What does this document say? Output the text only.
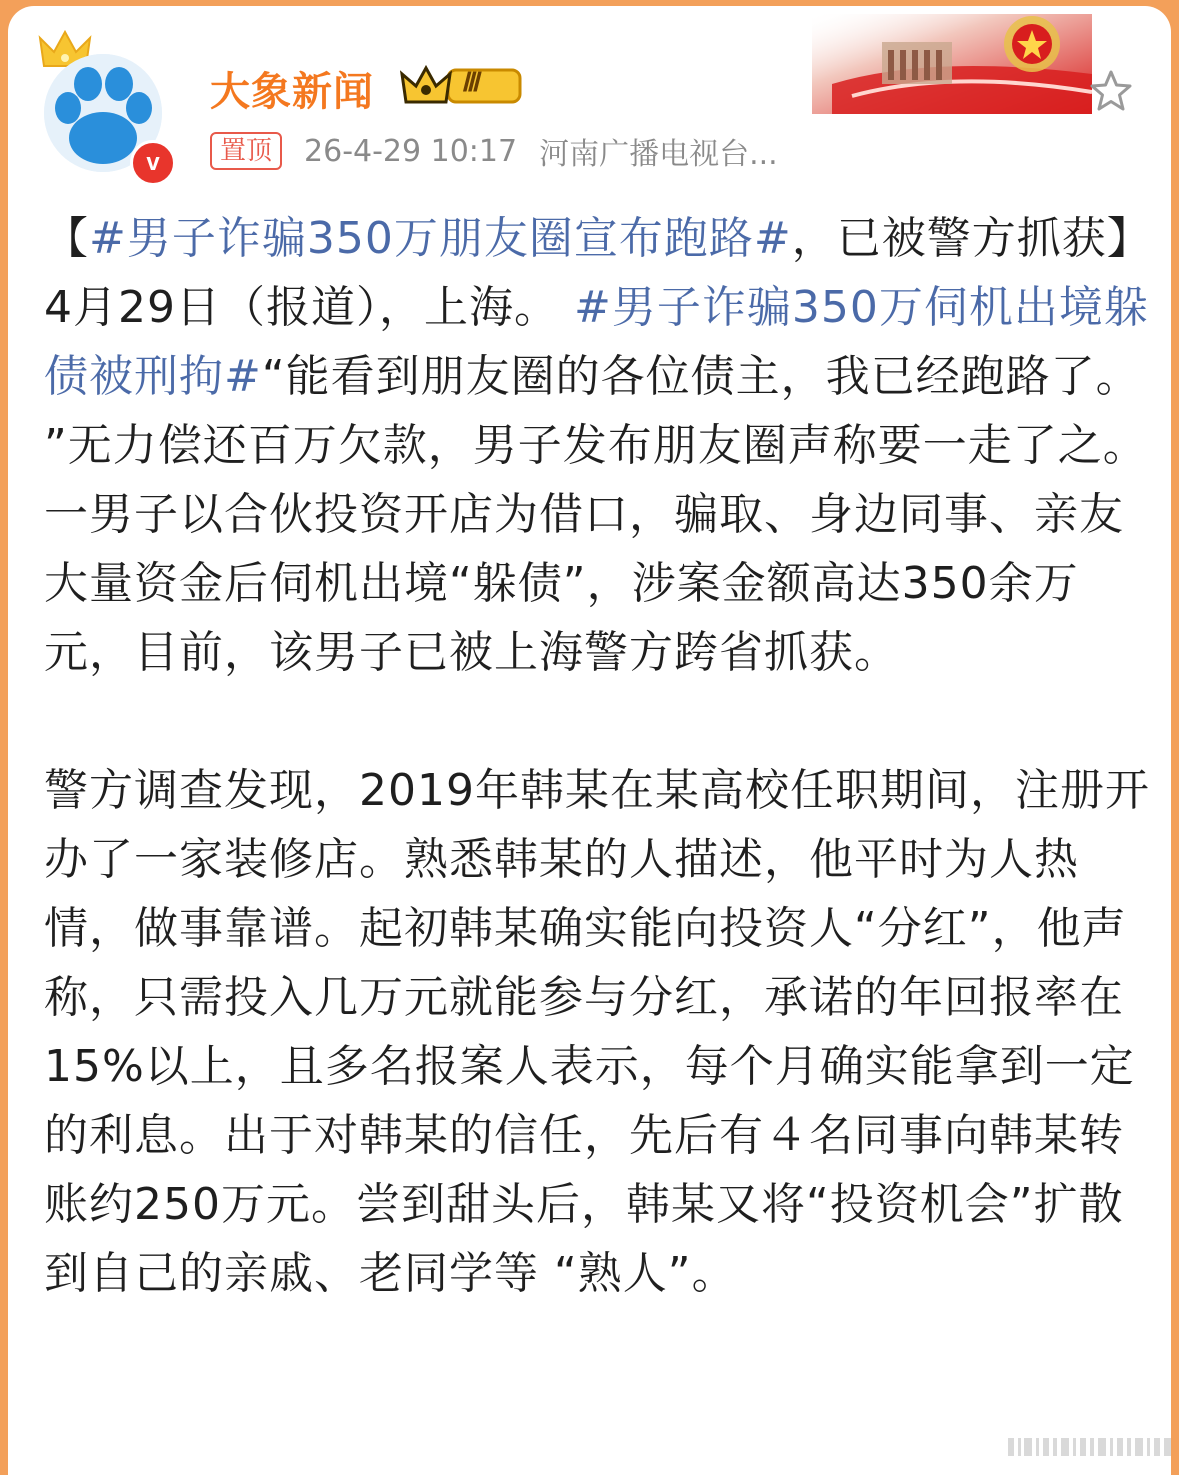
v
大象新闻	Ⅲ
置顶	26-4-29 10:17 河南广播电视台...

【#男子诈骗350万朋友圈宣布跑路#，已被警方抓获】4月29日（报道），上海。 #男子诈骗350万伺机出境躲债被刑拘#“能看到朋友圈的各位债主，我已经跑路了。 ”无力偿还百万欠款，男子发布朋友圈声称要一走了之。一男子以合伙投资开店为借口，骗取、身边同事、亲友大量资金后伺机出境“躲债”，涉案金额高达350余万元，目前，该男子已被上海警方跨省抓获。

警方调查发现，2019年韩某在某高校任职期间，注册开办了一家装修店。熟悉韩某的人描述，他平时为人热情，做事靠谱。起初韩某确实能向投资人“分红”，他声称，只需投入几万元就能参与分红，承诺的年回报率在15%以上，且多名报案人表示，每个月确实能拿到一定的利息。出于对韩某的信任，先后有４名同事向韩某转账约250万元。尝到甜头后，韩某又将“投资机会”扩散到自己的亲戚、老同学等 “熟人”。
